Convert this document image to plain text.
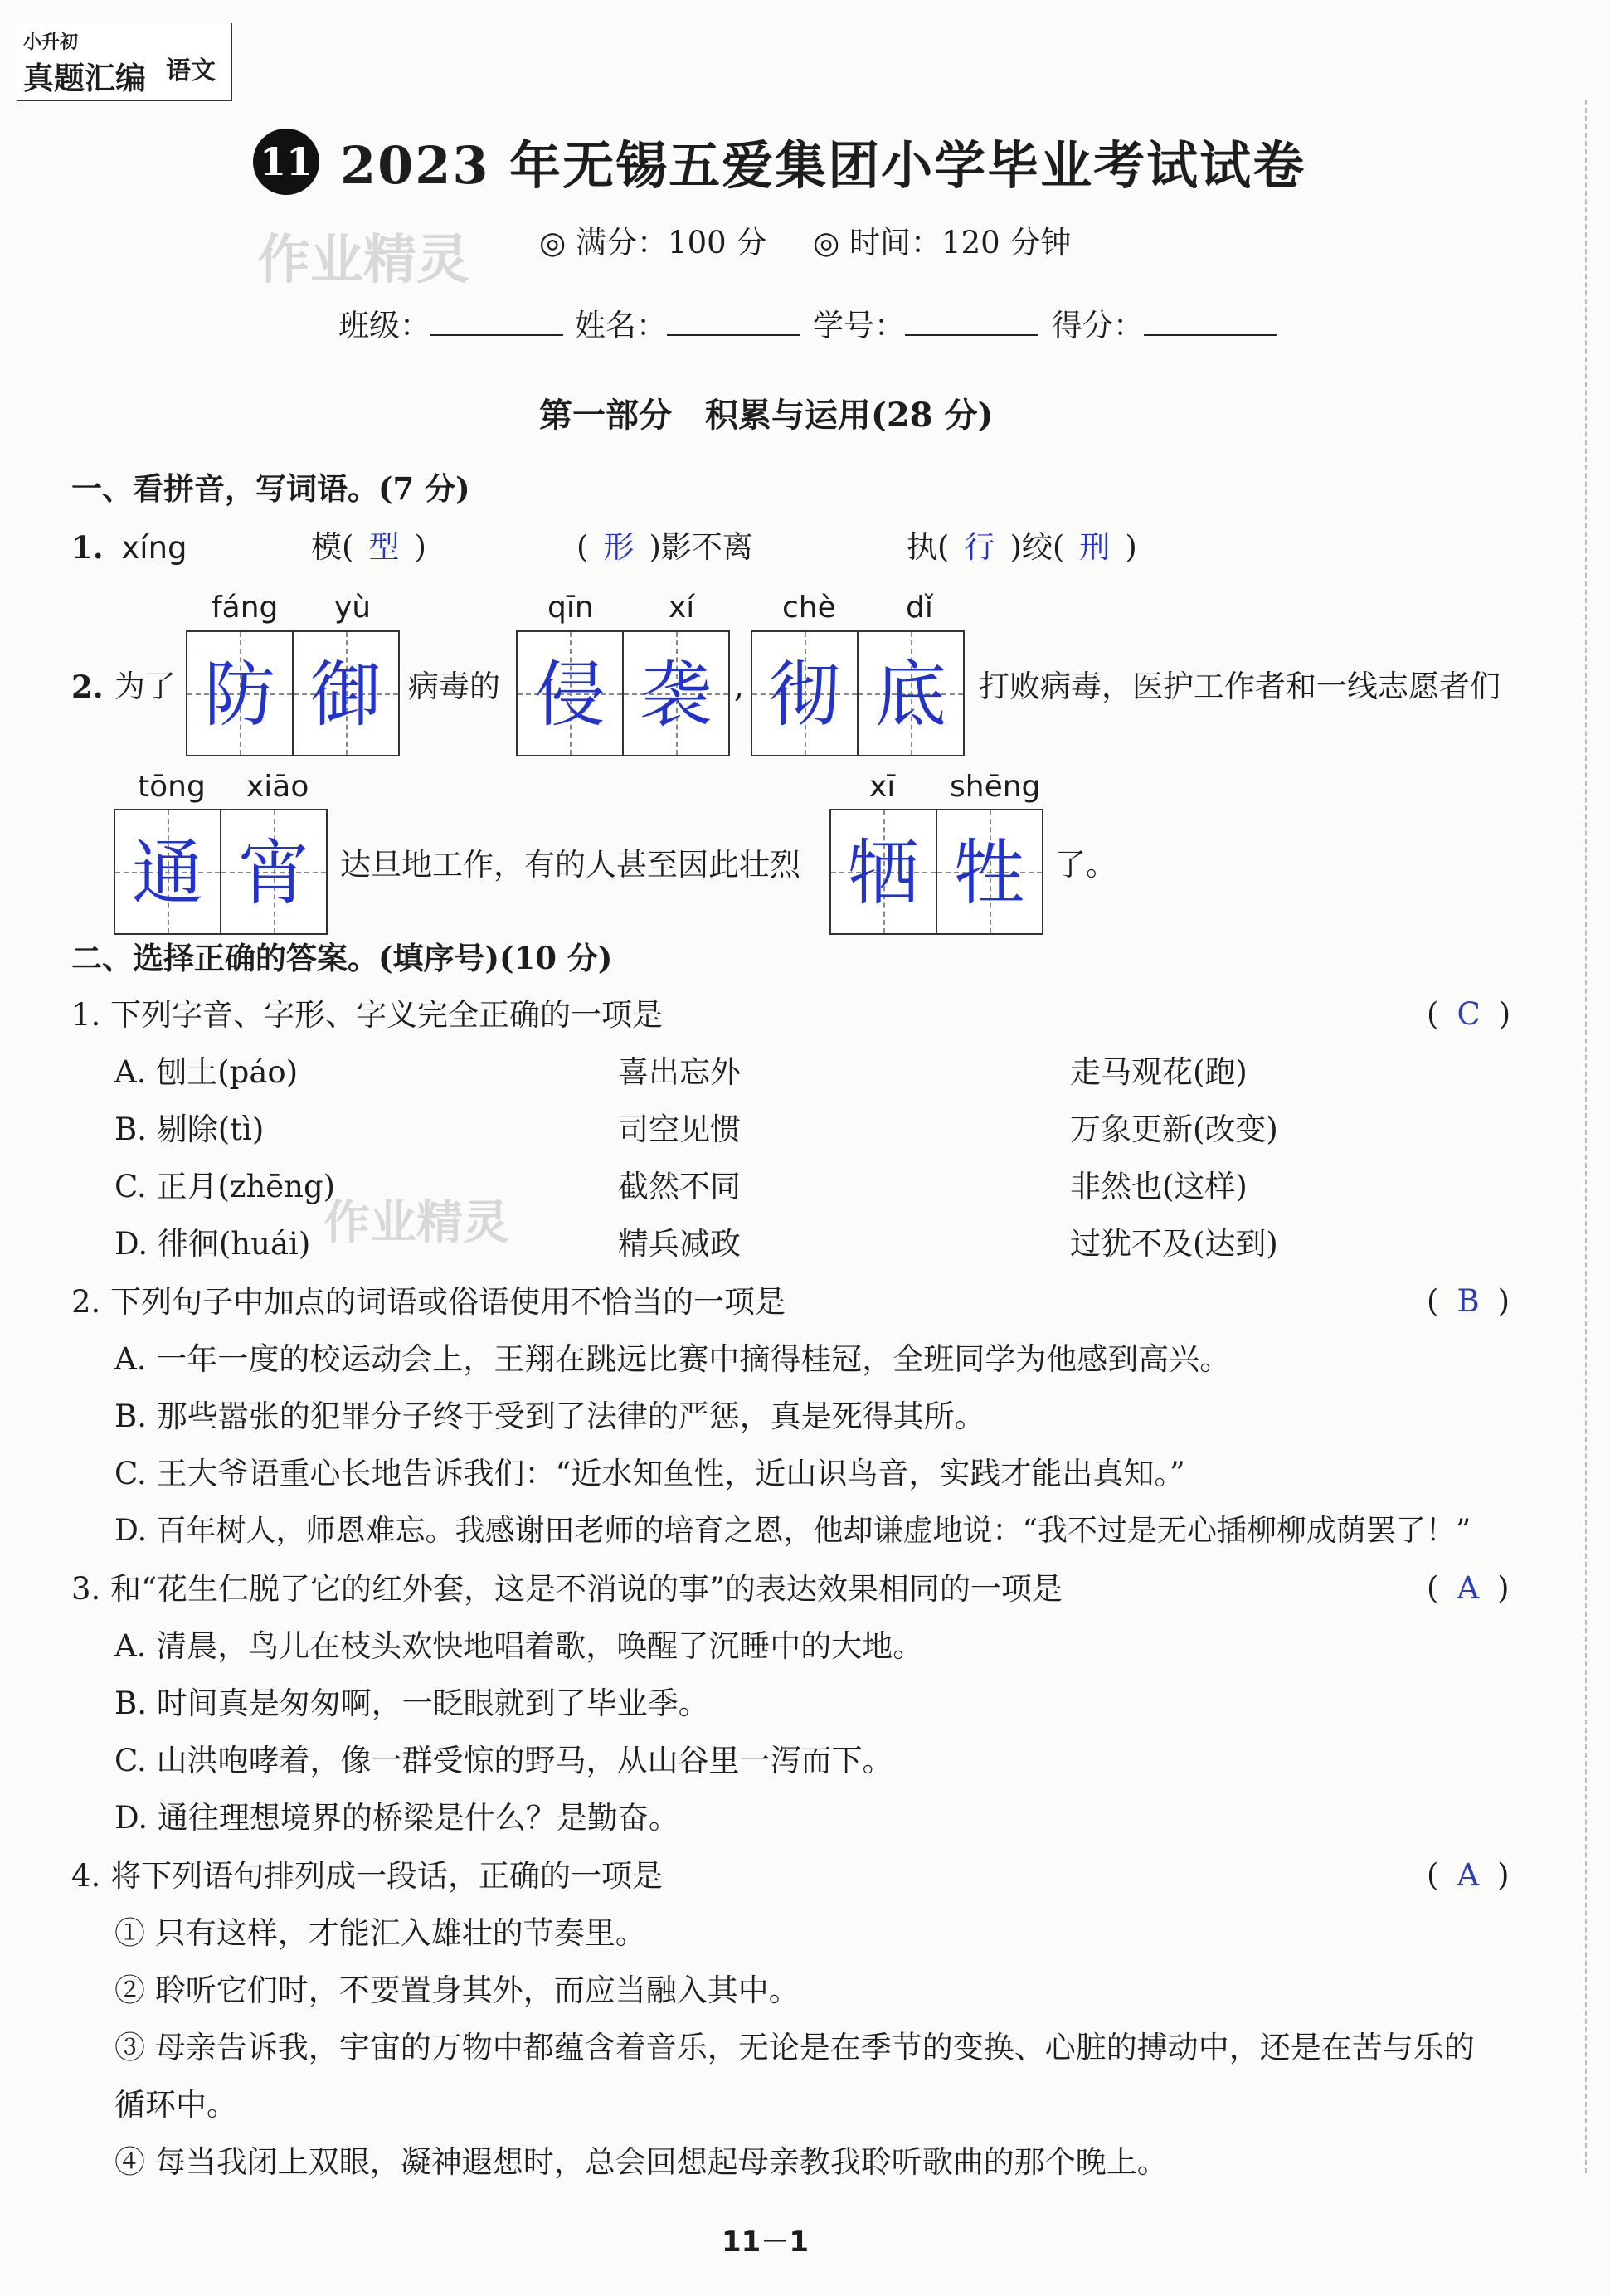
小升初
真题汇编 语文
11 2023 年无锡五爱集团小学毕业考试试卷
作业精灵 ◎ 满分：100 分 ◎ 时间：120 分钟
班级：	姓名：	学号：	得分：
第一部分　积累与运用(28 分)
一、看拼音，写词语。(7 分)
1. xíng	模( 型 )	( 形 )影不离	执( 行 )绞( 刑 )
fáng yù	qīn	xí	chè dǐ
2. 为了 防 御 病毒的 侵 袭 , 彻 底	打败病毒，医护工作者和一线志愿者们
tōng xiāo	xī shēng
通 宵	达旦地工作，有的人甚至因此壮烈 牺 牲 了。
二、选择正确的答案。(填序号)(10 分)
1. 下列字音、字形、字义完全正确的一项是	( C )
A. 刨土(páo)	喜出忘外	走马观花(跑)
B. 剔除(tì)	司空见惯	万象更新(改变)
C. 正月(zhēng)	截然不同	非然也(这样)
作业精灵
D. 徘徊(huái)	精兵减政	过犹不及(达到)
2. 下列句子中加点的词语或俗语使用不恰当的一项是	( B )
A. 一年一度的校运动会上，王翔在跳远比赛中摘得桂冠，全班同学为他感到高兴。
B. 那些嚣张的犯罪分子终于受到了法律的严惩，真是死得其所。
C. 王大爷语重心长地告诉我们：“近水知鱼性，近山识鸟音，实践才能出真知。”
D. 百年树人，师恩难忘。我感谢田老师的培育之恩，他却谦虚地说：“我不过是无心插柳柳成荫罢了！”
3. 和“花生仁脱了它的红外套，这是不消说的事”的表达效果相同的一项是	( A )
A. 清晨，鸟儿在枝头欢快地唱着歌，唤醒了沉睡中的大地。
B. 时间真是匆匆啊，一眨眼就到了毕业季。
C. 山洪咆哮着，像一群受惊的野马，从山谷里一泻而下。
D. 通往理想境界的桥梁是什么？是勤奋。
4. 将下列语句排列成一段话，正确的一项是	( A )
① 只有这样，才能汇入雄壮的节奏里。
② 聆听它们时，不要置身其外，而应当融入其中。
③ 母亲告诉我，宇宙的万物中都蕴含着音乐，无论是在季节的变换、心脏的搏动中，还是在苦与乐的
循环中。
④ 每当我闭上双眼，凝神遐想时，总会回想起母亲教我聆听歌曲的那个晚上。
11－1
